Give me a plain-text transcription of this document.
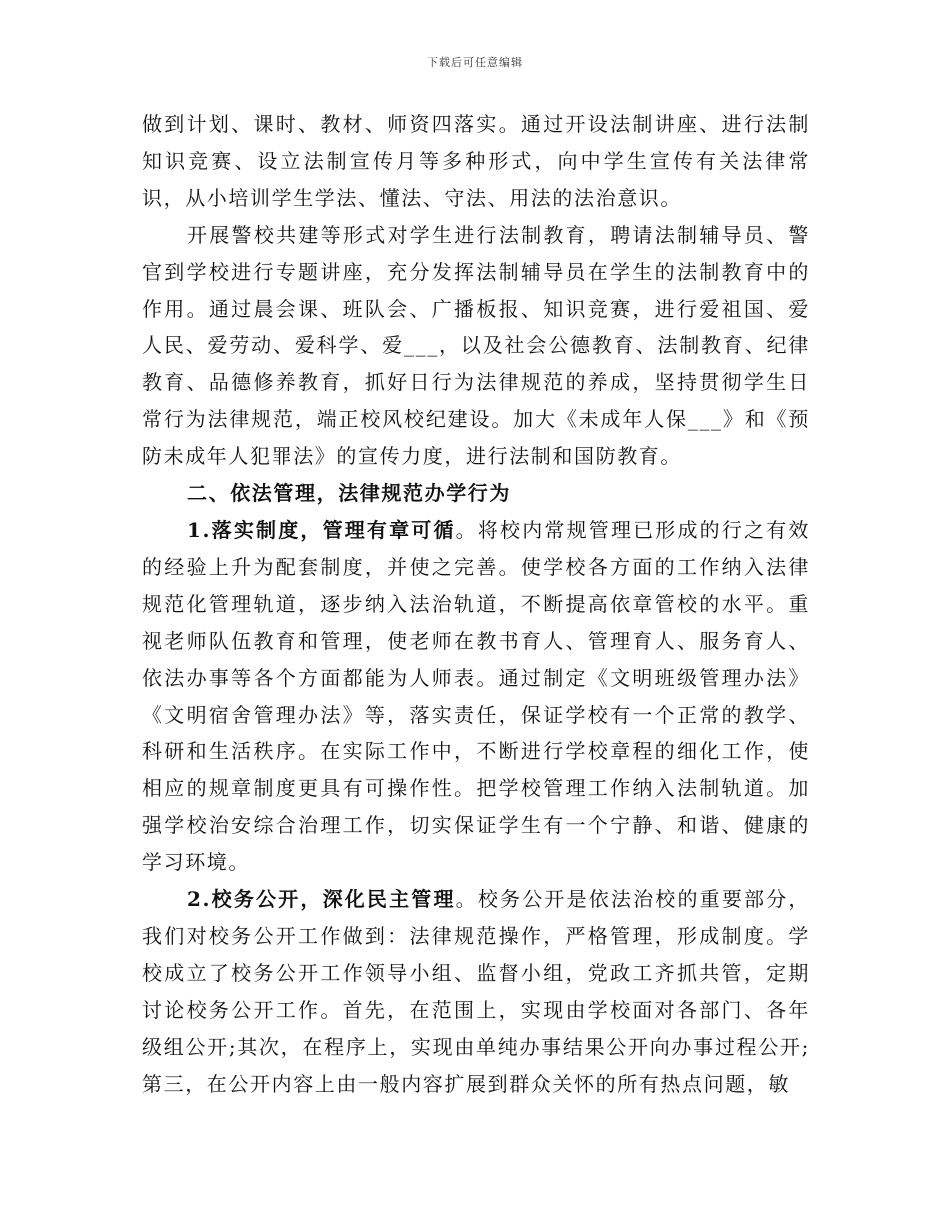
下载后可任意编辑

做到计划、课时、教材、师资四落实。通过开设法制讲座、进行法制知识竞赛、设立法制宣传月等多种形式，向中学生宣传有关法律常识，从小培训学生学法、懂法、守法、用法的法治意识。

开展警校共建等形式对学生进行法制教育，聘请法制辅导员、警官到学校进行专题讲座，充分发挥法制辅导员在学生的法制教育中的作用。通过晨会课、班队会、广播板报、知识竞赛，进行爱祖国、爱人民、爱劳动、爱科学、爱___，以及社会公德教育、法制教育、纪律教育、品德修养教育，抓好日行为法律规范的养成，坚持贯彻学生日常行为法律规范，端正校风校纪建设。加大《未成年人保___》和《预防未成年人犯罪法》的宣传力度，进行法制和国防教育。

二、依法管理，法律规范办学行为

1.落实制度，管理有章可循。将校内常规管理已形成的行之有效的经验上升为配套制度，并使之完善。使学校各方面的工作纳入法律规范化管理轨道，逐步纳入法治轨道，不断提高依章管校的水平。重视老师队伍教育和管理，使老师在教书育人、管理育人、服务育人、依法办事等各个方面都能为人师表。通过制定《文明班级管理办法》《文明宿舍管理办法》等，落实责任，保证学校有一个正常的教学、科研和生活秩序。在实际工作中，不断进行学校章程的细化工作，使相应的规章制度更具有可操作性。把学校管理工作纳入法制轨道。加强学校治安综合治理工作，切实保证学生有一个宁静、和谐、健康的学习环境。

2.校务公开，深化民主管理。校务公开是依法治校的重要部分，我们对校务公开工作做到：法律规范操作，严格管理，形成制度。学校成立了校务公开工作领导小组、监督小组，党政工齐抓共管，定期讨论校务公开工作。首先，在范围上，实现由学校面对各部门、各年级组公开;其次，在程序上，实现由单纯办事结果公开向办事过程公开;第三，在公开内容上由一般内容扩展到群众关怀的所有热点问题，敏
